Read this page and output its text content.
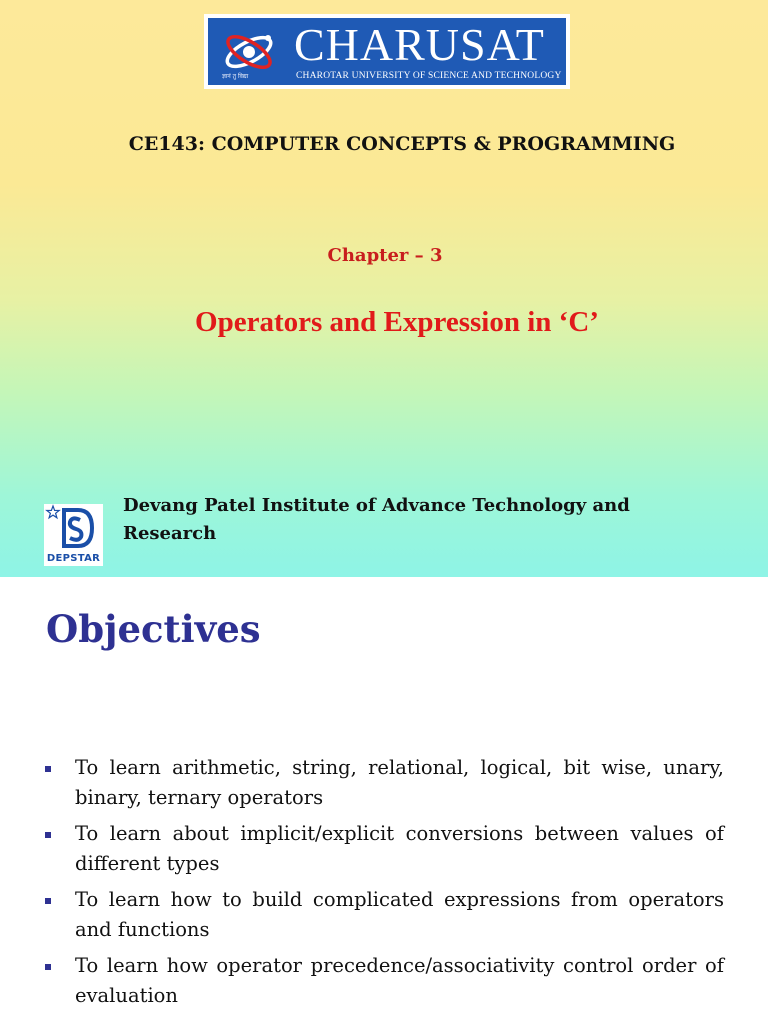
ज्ञानं तु विद्या
CHARUSAT
CHAROTAR UNIVERSITY OF SCIENCE AND TECHNOLOGY
CE143: COMPUTER CONCEPTS & PROGRAMMING
Chapter – 3
Operators and Expression in ‘C’
DEPSTAR

Devang Patel Institute of Advance Technology and Research

Objectives
To learn arithmetic, string, relational, logical, bit wise, unary, binary, ternary operators
To learn about implicit/explicit conversions between values of different types
To learn how to build complicated expressions from operators and functions
To learn how operator precedence/associativity control order of evaluation
